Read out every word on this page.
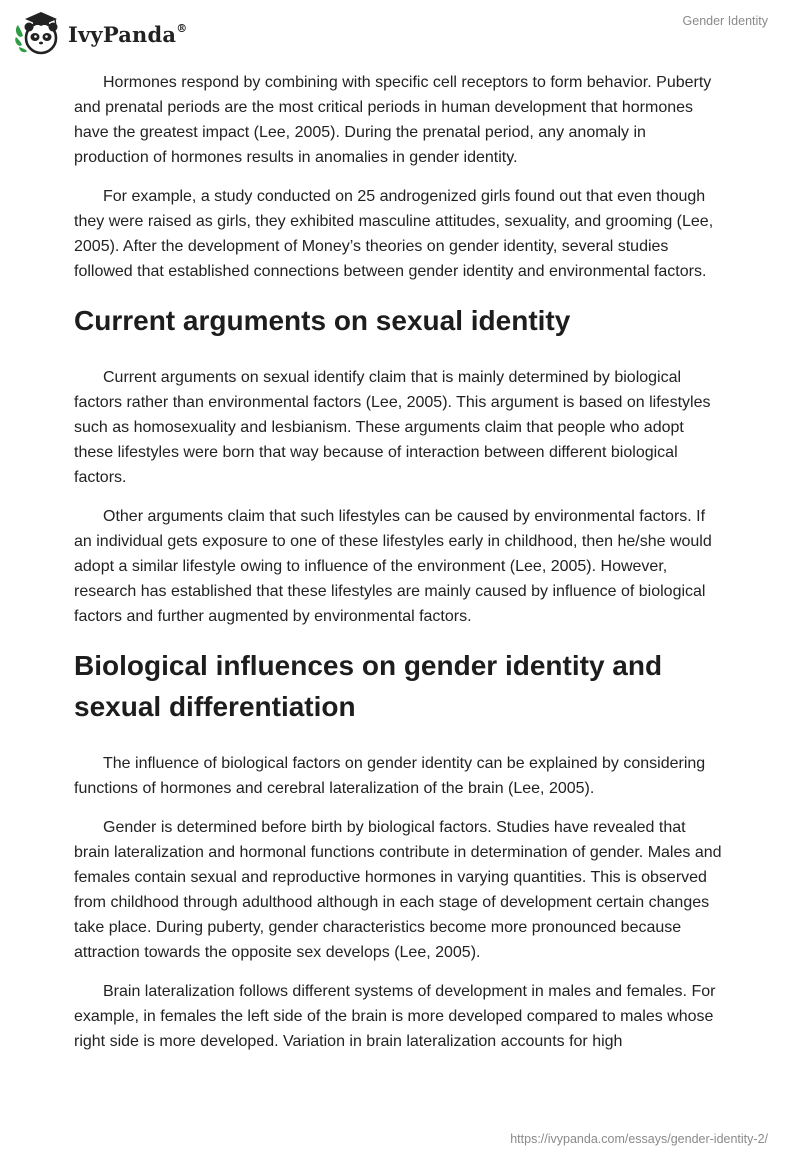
IvyPanda®	Gender Identity

Hormones respond by combining with specific cell receptors to form behavior. Puberty and prenatal periods are the most critical periods in human development that hormones have the greatest impact (Lee, 2005). During the prenatal period, any anomaly in production of hormones results in anomalies in gender identity.

For example, a study conducted on 25 androgenized girls found out that even though they were raised as girls, they exhibited masculine attitudes, sexuality, and grooming (Lee, 2005). After the development of Money’s theories on gender identity, several studies followed that established connections between gender identity and environmental factors.

Current arguments on sexual identity

Current arguments on sexual identify claim that is mainly determined by biological factors rather than environmental factors (Lee, 2005). This argument is based on lifestyles such as homosexuality and lesbianism. These arguments claim that people who adopt these lifestyles were born that way because of interaction between different biological factors.

Other arguments claim that such lifestyles can be caused by environmental factors. If an individual gets exposure to one of these lifestyles early in childhood, then he/she would adopt a similar lifestyle owing to influence of the environment (Lee, 2005). However, research has established that these lifestyles are mainly caused by influence of biological factors and further augmented by environmental factors.

Biological influences on gender identity and sexual differentiation

The influence of biological factors on gender identity can be explained by considering functions of hormones and cerebral lateralization of the brain (Lee, 2005).

Gender is determined before birth by biological factors. Studies have revealed that brain lateralization and hormonal functions contribute in determination of gender. Males and females contain sexual and reproductive hormones in varying quantities. This is observed from childhood through adulthood although in each stage of development certain changes take place. During puberty, gender characteristics become more pronounced because attraction towards the opposite sex develops (Lee, 2005).

Brain lateralization follows different systems of development in males and females. For example, in females the left side of the brain is more developed compared to males whose right side is more developed. Variation in brain lateralization accounts for high

https://ivypanda.com/essays/gender-identity-2/
